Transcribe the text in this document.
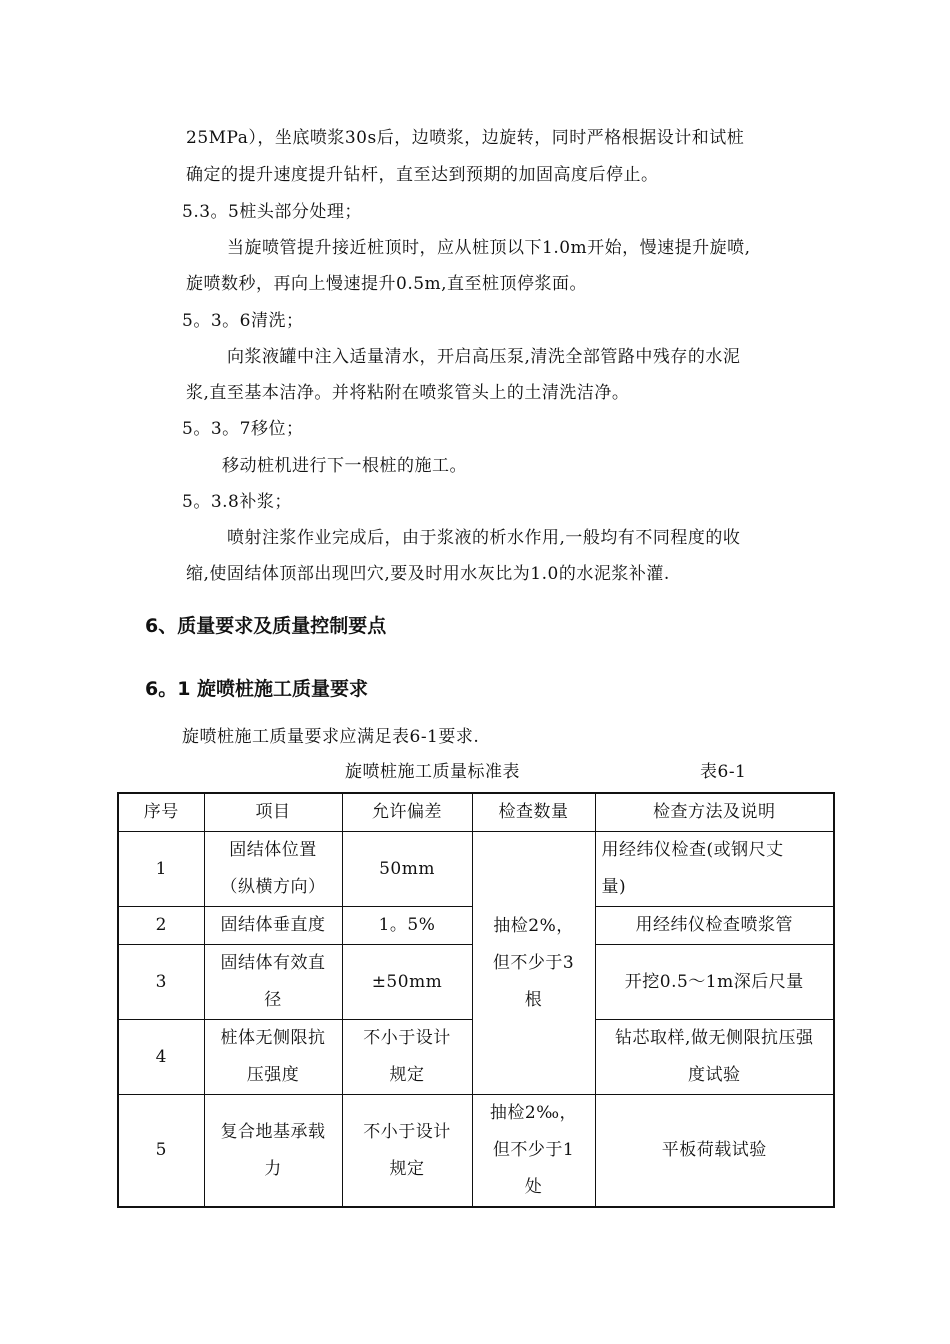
25MPa），坐底喷浆30s后，边喷浆，边旋转，同时严格根据设计和试桩
确定的提升速度提升钻杆，直至达到预期的加固高度后停止。
5.3。5桩头部分处理；
当旋喷管提升接近桩顶时，应从桩顶以下1.0m开始，慢速提升旋喷,
旋喷数秒，再向上慢速提升0.5m,直至桩顶停浆面。
5。3。6清洗；
向浆液罐中注入适量清水，开启高压泵,清洗全部管路中残存的水泥
浆,直至基本洁净。并将粘附在喷浆管头上的土清洗洁净。
5。3。7移位；
移动桩机进行下一根桩的施工。
5。3.8补浆；
喷射注浆作业完成后，由于浆液的析水作用,一般均有不同程度的收
缩,使固结体顶部出现凹穴,要及时用水灰比为1.0的水泥浆补灌.
6、质量要求及质量控制要点
6。1 旋喷桩施工质量要求
旋喷桩施工质量要求应满足表6-1要求.
旋喷桩施工质量标准表	表6-1
序号	项目	允许偏差	检查数量	检查方法及说明
1	固结体位置
（纵横方向）	50mm	抽检2%，
但不少于3
根	用经纬仪检查(或钢尺丈
量)
2	固结体垂直度	1。5%		用经纬仪检查喷浆管
3	固结体有效直
径	±50mm		开挖0.5～1m深后尺量
4	桩体无侧限抗
压强度	不小于设计
规定		钻芯取样,做无侧限抗压强
度试验
5	复合地基承载
力	不小于设计
规定	抽检2‰，
但不少于1
处	平板荷载试验
